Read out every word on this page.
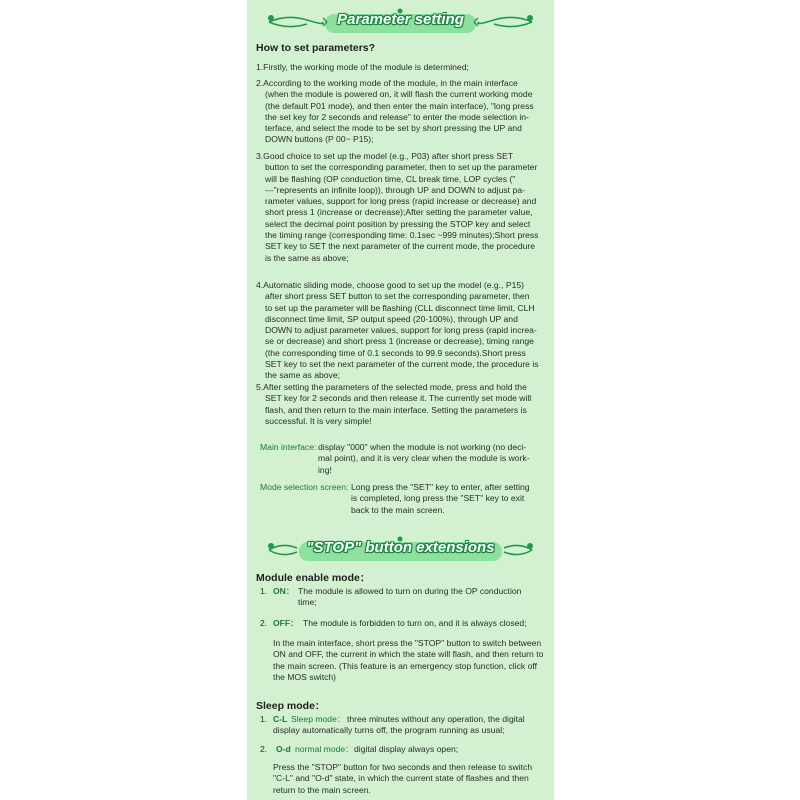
Parameter setting
How to set parameters?
1.Firstly, the working mode of the module is determined;
2.According to the working mode of the module, in the main interface
(when the module is powered on, it will flash the current working mode
(the default P01 mode), and then enter the main interface), "long press
the set key for 2 seconds and release" to enter the mode selection in-
terface, and select the mode to be set by short pressing the UP and
DOWN buttons (P 00~ P15);
3.Good choice to set up the model (e.g., P03) after short press SET
button to set the corresponding parameter, then to set up the parameter
will be flashing (OP conduction time, CL break time, LOP cycles ("
---"represents an infinite loop)), through UP and DOWN to adjust pa-
rameter values, support for long press (rapid increase or decrease) and
short press 1 (increase or decrease);After setting the parameter value,
select the decimal point position by pressing the STOP key and select
the timing range (corresponding time: 0.1sec ~999 minutes);Short press
SET key to SET the next parameter of the current mode, the procedure
is the same as above;
4.Automatic sliding mode, choose good to set up the model (e.g., P15)
after short press SET button to set the corresponding parameter, then
to set up the parameter will be flashing (CLL disconnect time limit, CLH
disconnect time limit, SP output speed (20-100%), through UP and
DOWN to adjust parameter values, support for long press (rapid increa-
se or decrease) and short press 1 (increase or decrease), timing range
(the corresponding time of 0.1 seconds to 99.9 seconds).Short press
SET key to set the next parameter of the current mode, the procedure is
the same as above;
5.After setting the parameters of the selected mode, press and hold the
SET key for 2 seconds and then release it. The currently set mode will
flash, and then return to the main interface. Setting the parameters is
successful. It is very simple!
Main interface: display "000" when the module is not working (no deci-
mal point), and it is very clear when the module is work-
ing!
Mode selection screen: Long press the "SET" key to enter, after setting
is completed, long press the "SET" key to exit
back to the main screen.
"STOP" button extensions
Module enable mode：
1. ON： The module is allowed to turn on during the OP conduction
time;
2. OFF： The module is forbidden to turn on, and it is always closed;
In the main interface, short press the "STOP" button to switch between
ON and OFF, the current in which the state will flash, and then return to
the main screen. (This feature is an emergency stop function, click off
the MOS switch)
Sleep mode：
1. C-L Sleep mode： three minutes without any operation, the digital
display automatically turns off, the program running as usual;
2. O-d normal mode： digital display always open;
Press the "STOP" button for two seconds and then release to switch
"C-L" and "O-d" state, in which the current state of flashes and then
return to the main screen.
